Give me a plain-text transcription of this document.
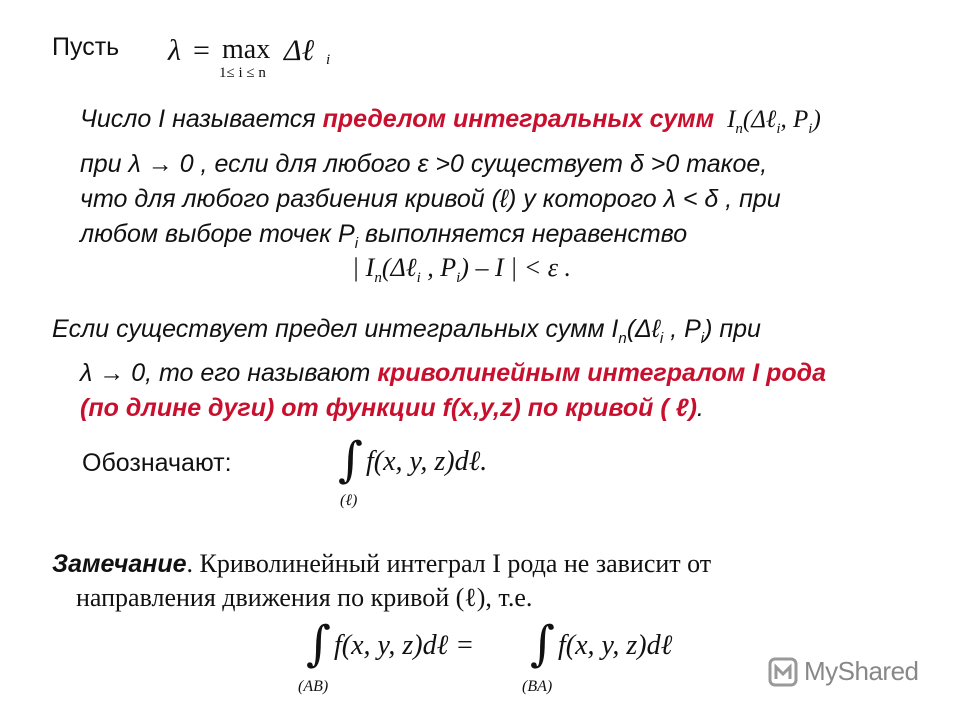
Пусть λ = max
1≤ i ≤ n
Δℓ i
Число I называется пределом интегральных сумм $I_n(\Delta\ell_i$, $P_i$)
при λ → 0 , если для любого ε >0 существует δ >0 такое,
что для любого разбиения кривой (ℓ) у которого λ < δ , при
любом выборе точек $P_i$ выполняется неравенство
| $I_n(\Delta\ell_i$ , $P_i$) – I | < ε .
Если существует предел интегральных сумм $I_n(\Delta\ell_i$ , $P_i$) при
λ → 0, то его называют криволинейным интегралом I рода
(по длине дуги) от функции f(x,y,z) по кривой ( ℓ).
Обозначают: ∫ f(x, y, z)dℓ.
(ℓ)
Замечание. Криволинейный интеграл I рода не зависит от
направления движения по кривой (ℓ), т.е.
∫ f(x, y, z)dℓ =
(AB)
∫ f(x, y, z)dℓ
(BA)
MyShared
